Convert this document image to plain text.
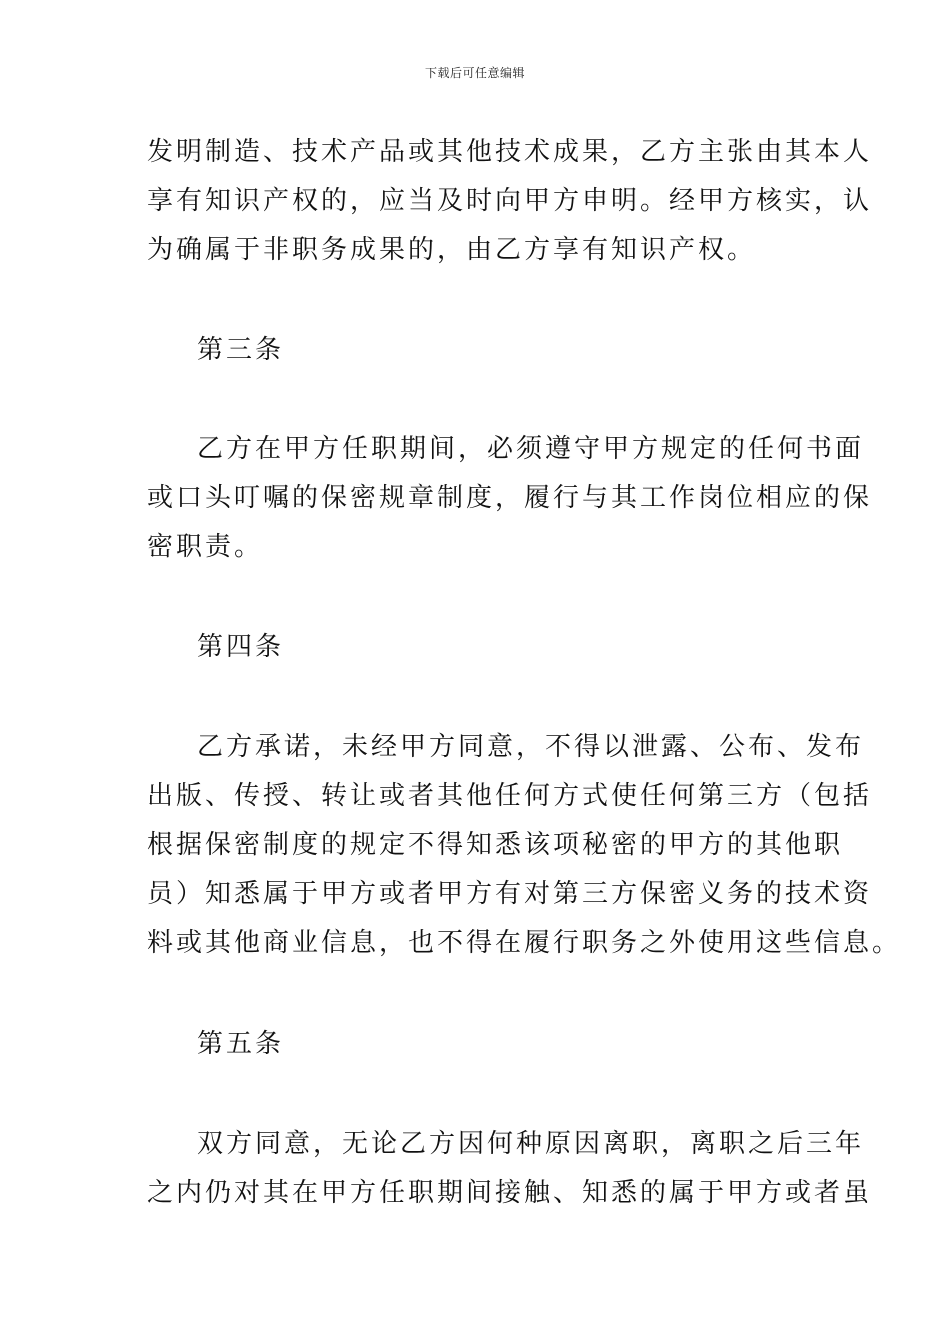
下载后可任意编辑
发明制造、技术产品或其他技术成果，乙方主张由其本人
享有知识产权的，应当及时向甲方申明。经甲方核实，认
为确属于非职务成果的，由乙方享有知识产权。
第三条
乙方在甲方任职期间，必须遵守甲方规定的任何书面
或口头叮嘱的保密规章制度，履行与其工作岗位相应的保
密职责。
第四条
乙方承诺，未经甲方同意，不得以泄露、公布、发布
出版、传授、转让或者其他任何方式使任何第三方（包括
根据保密制度的规定不得知悉该项秘密的甲方的其他职
员）知悉属于甲方或者甲方有对第三方保密义务的技术资
料或其他商业信息，也不得在履行职务之外使用这些信息。
第五条
双方同意，无论乙方因何种原因离职，离职之后三年
之内仍对其在甲方任职期间接触、知悉的属于甲方或者虽
